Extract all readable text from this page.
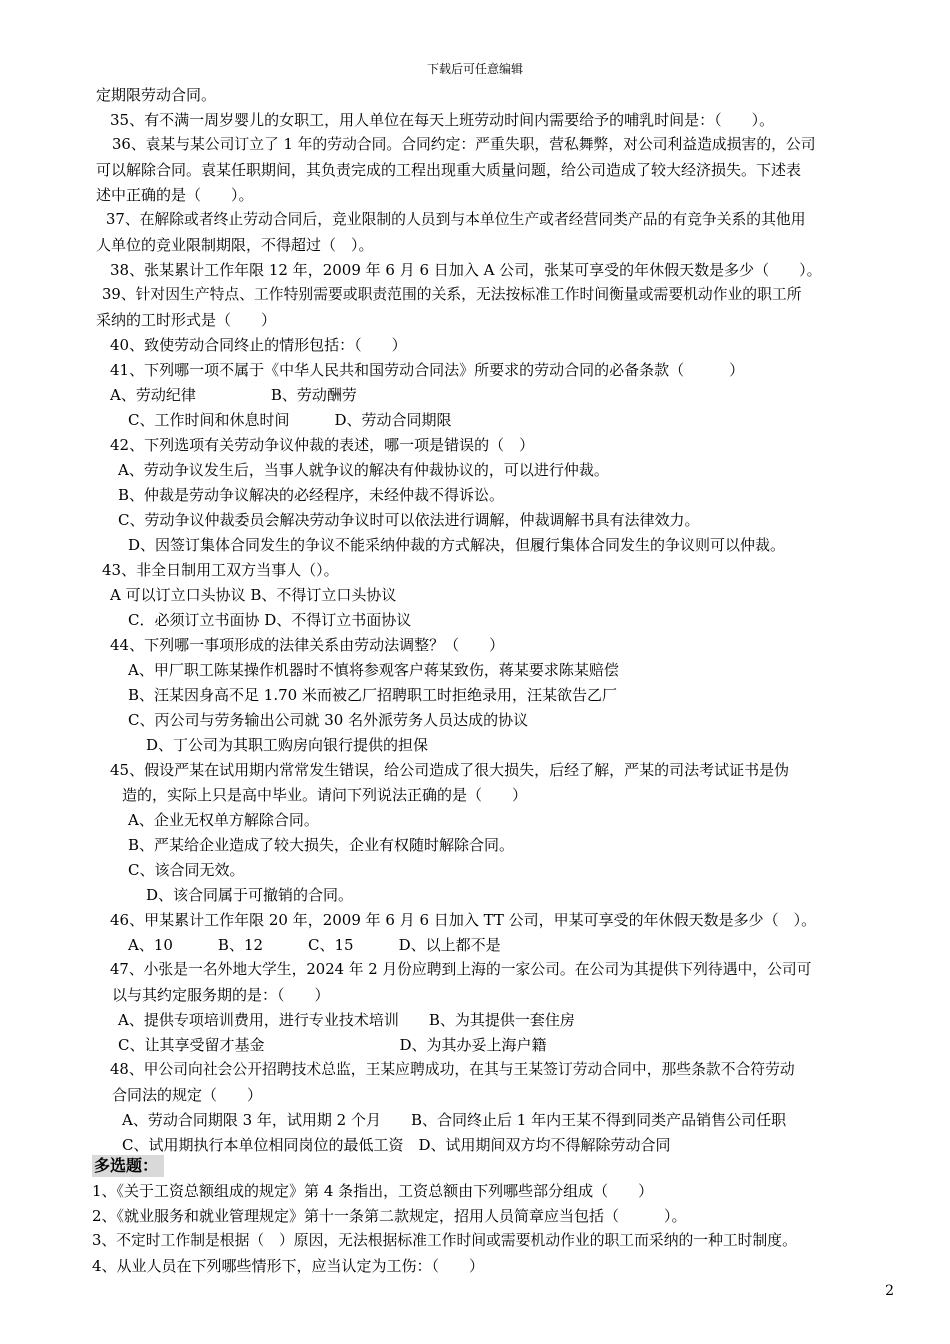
下载后可任意编辑
定期限劳动合同。
35、有不满一周岁婴儿的女职工，用人单位在每天上班劳动时间内需要给予的哺乳时间是：（　　）。
36、袁某与某公司订立了 1 年的劳动合同。合同约定：严重失职，营私舞弊，对公司利益造成损害的，公司
可以解除合同。袁某任职期间，其负责完成的工程出现重大质量问题，给公司造成了较大经济损失。下述表
述中正确的是（　　）。
37、在解除或者终止劳动合同后，竞业限制的人员到与本单位生产或者经营同类产品的有竞争关系的其他用
人单位的竞业限制期限，不得超过（　）。
38、张某累计工作年限 12 年，2009 年 6 月 6 日加入 A 公司，张某可享受的年休假天数是多少（　　）。
39、针对因生产特点、工作特别需要或职责范围的关系，无法按标准工作时间衡量或需要机动作业的职工所
采纳的工时形式是（　　）
40、致使劳动合同终止的情形包括：（　　）
41、下列哪一项不属于《中华人民共和国劳动合同法》所要求的劳动合同的必备条款（　　　）
A、劳动纪律　　　　　B、劳动酬劳
C、工作时间和休息时间　　　D、劳动合同期限
42、下列选项有关劳动争议仲裁的表述，哪一项是错误的（　）
A、劳动争议发生后，当事人就争议的解决有仲裁协议的，可以进行仲裁。
B、仲裁是劳动争议解决的必经程序，未经仲裁不得诉讼。
C、劳动争议仲裁委员会解决劳动争议时可以依法进行调解，仲裁调解书具有法律效力。
D、因签订集体合同发生的争议不能采纳仲裁的方式解决，但履行集体合同发生的争议则可以仲裁。
43、非全日制用工双方当事人（）。
A 可以订立口头协议 B、不得订立口头协议
C．必须订立书面协 D、不得订立书面协议
44、下列哪一事项形成的法律关系由劳动法调整？（　　）
A、甲厂职工陈某操作机器时不慎将参观客户蒋某致伤，蒋某要求陈某赔偿
B、汪某因身高不足 1.70 米而被乙厂招聘职工时拒绝录用，汪某欲告乙厂
C、丙公司与劳务输出公司就 30 名外派劳务人员达成的协议
D、丁公司为其职工购房向银行提供的担保
45、假设严某在试用期内常常发生错误，给公司造成了很大损失，后经了解，严某的司法考试证书是伪
造的，实际上只是高中毕业。请问下列说法正确的是（　　）
A、企业无权单方解除合同。
B、严某给企业造成了较大损失，企业有权随时解除合同。
C、该合同无效。
D、该合同属于可撤销的合同。
46、甲某累计工作年限 20 年，2009 年 6 月 6 日加入 TT 公司，甲某可享受的年休假天数是多少（　）。
A、10　　　B、12　　　C、15　　　D、以上都不是
47、小张是一名外地大学生，2024 年 2 月份应聘到上海的一家公司。在公司为其提供下列待遇中，公司可
以与其约定服务期的是：（　　）
A、提供专项培训费用，进行专业技术培训　　B、为其提供一套住房
C、让其享受留才基金　　　　　　　　　D、为其办妥上海户籍
48、甲公司向社会公开招聘技术总监，王某应聘成功，在其与王某签订劳动合同中，那些条款不合符劳动
合同法的规定（　　）
A、劳动合同期限 3 年，试用期 2 个月　　B、合同终止后 1 年内王某不得到同类产品销售公司任职
C、试用期执行本单位相同岗位的最低工资　D、试用期间双方均不得解除劳动合同
多选题：
1、《关于工资总额组成的规定》第 4 条指出，工资总额由下列哪些部分组成（　　）
2、《就业服务和就业管理规定》第十一条第二款规定，招用人员简章应当包括（　　　）。
3、不定时工作制是根据（　）原因，无法根据标准工作时间或需要机动作业的职工而采纳的一种工时制度。
4、从业人员在下列哪些情形下，应当认定为工伤：（　　）
2
